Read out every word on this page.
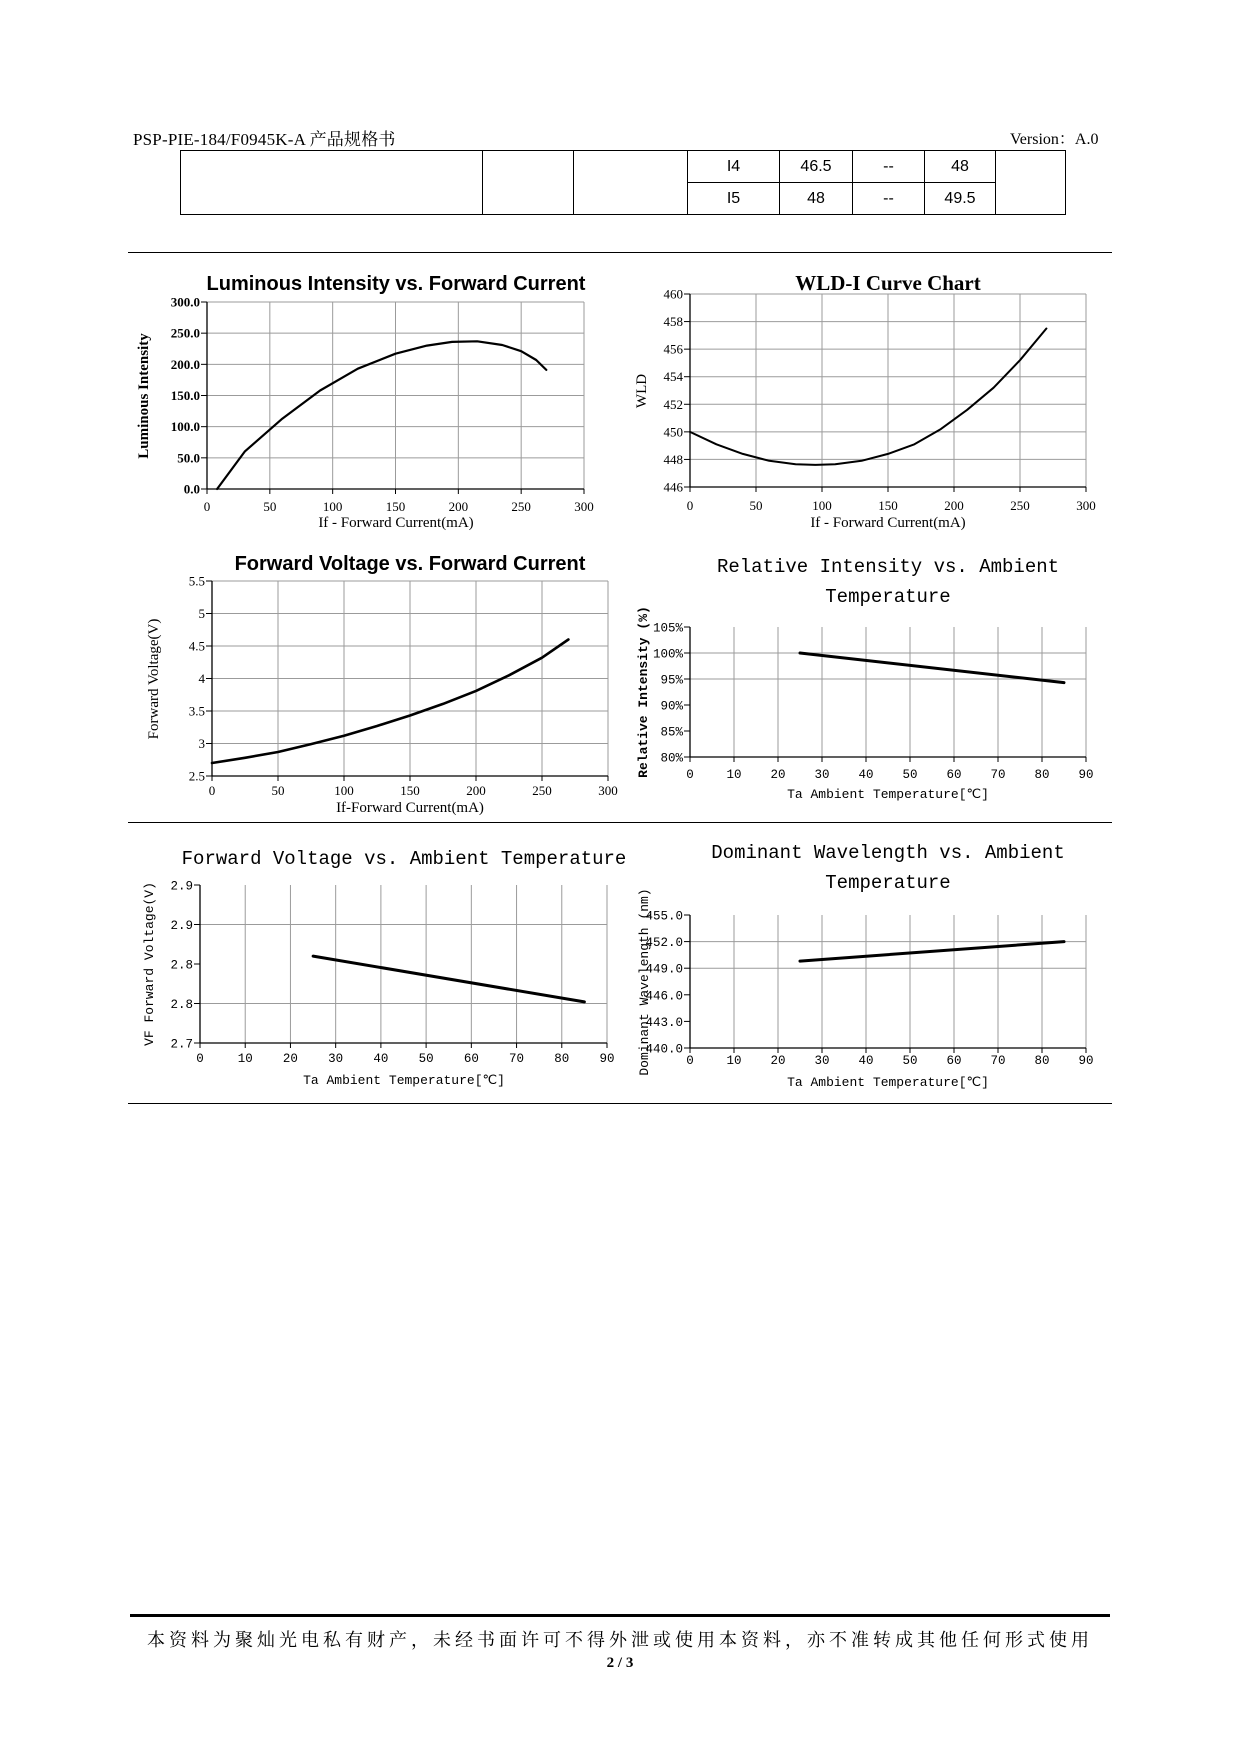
PSP-PIE-184/F0945K-A 产品规格书	Version：A.0
			I4	46.5	--	48	
			I5	48	--	49.5	
0.0
50.0
100.0
150.0
200.0
250.0
300.0
0	50	100	150	200	250	300
Luminous Intensity vs. Forward Current
Luminous Intensity
If - Forward Current(mA)
446
448
450
452
454
456
458
460
0	50	100	150	200	250	300
WLD-I Curve Chart
WLD
If - Forward Current(mA)
2.5
3
3.5
4
4.5
5
5.5
0	50	100	150	200	250	300
Forward Voltage vs. Forward Current
Forward Voltage(V)
If-Forward Current(mA)
80%
85%
90%
95%
100%
105%
0	10 20 30 40 50 60 70 80 90
Relative Intensity vs. Ambient
Temperature
Relative Intensity (%)
Ta Ambient Temperature[℃]
2.7
2.8
2.8
2.9
2.9
0	10 20 30 40 50 60 70 80 90
Forward Voltage vs. Ambient Temperature
VF Forward Voltage(V)
Ta Ambient Temperature[℃]
440.0
443.0
446.0
449.0
452.0
455.0
0	10 20 30 40 50 60 70 80 90
Dominant Wavelength vs. Ambient
Temperature
Dominant Wavelength (nm)
Ta Ambient Temperature[℃]
本资料为聚灿光电私有财产，未经书面许可不得外泄或使用本资料，亦不准转成其他任何形式使用
2 / 3
